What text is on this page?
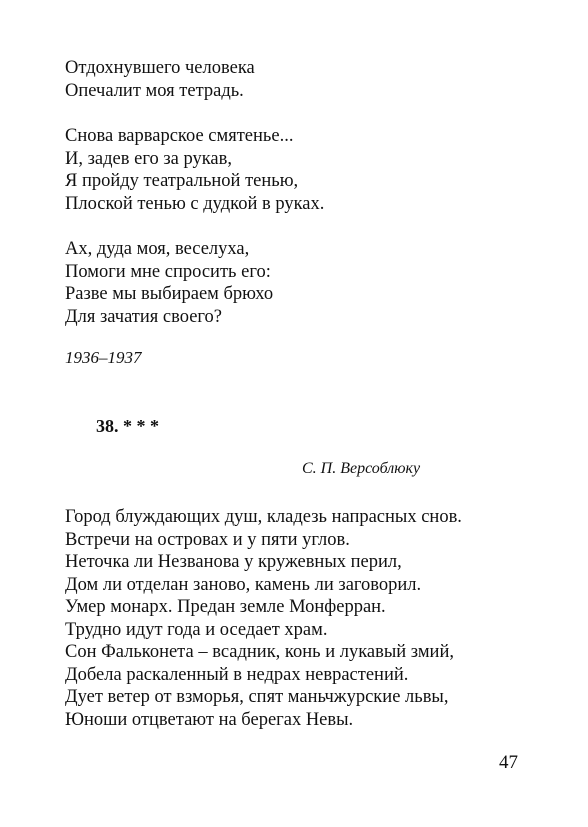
Отдохнувшего человека
Опечалит моя тетрадь.
Снова варварское смятенье...
И, задев его за рукав,
Я пройду театральной тенью,
Плоской тенью с дудкой в руках.
Ах, дуда моя, веселуха,
Помоги мне спросить его:
Разве мы выбираем брюхо
Для зачатия своего?
1936–1937
38. * * *
С. П. Версоблюку
Город блуждающих душ, кладезь напрасных снов.
Встречи на островах и у пяти углов.
Неточка ли Незванова у кружевных перил,
Дом ли отделан заново, камень ли заговорил.
Умер монарх. Предан земле Монферран.
Трудно идут года и оседает храм.
Сон Фальконета – всадник, конь и лукавый змий,
Добела раскаленный в недрах неврастений.
Дует ветер от взморья, спят маньчжурские львы,
Юноши отцветают на берегах Невы.
47
